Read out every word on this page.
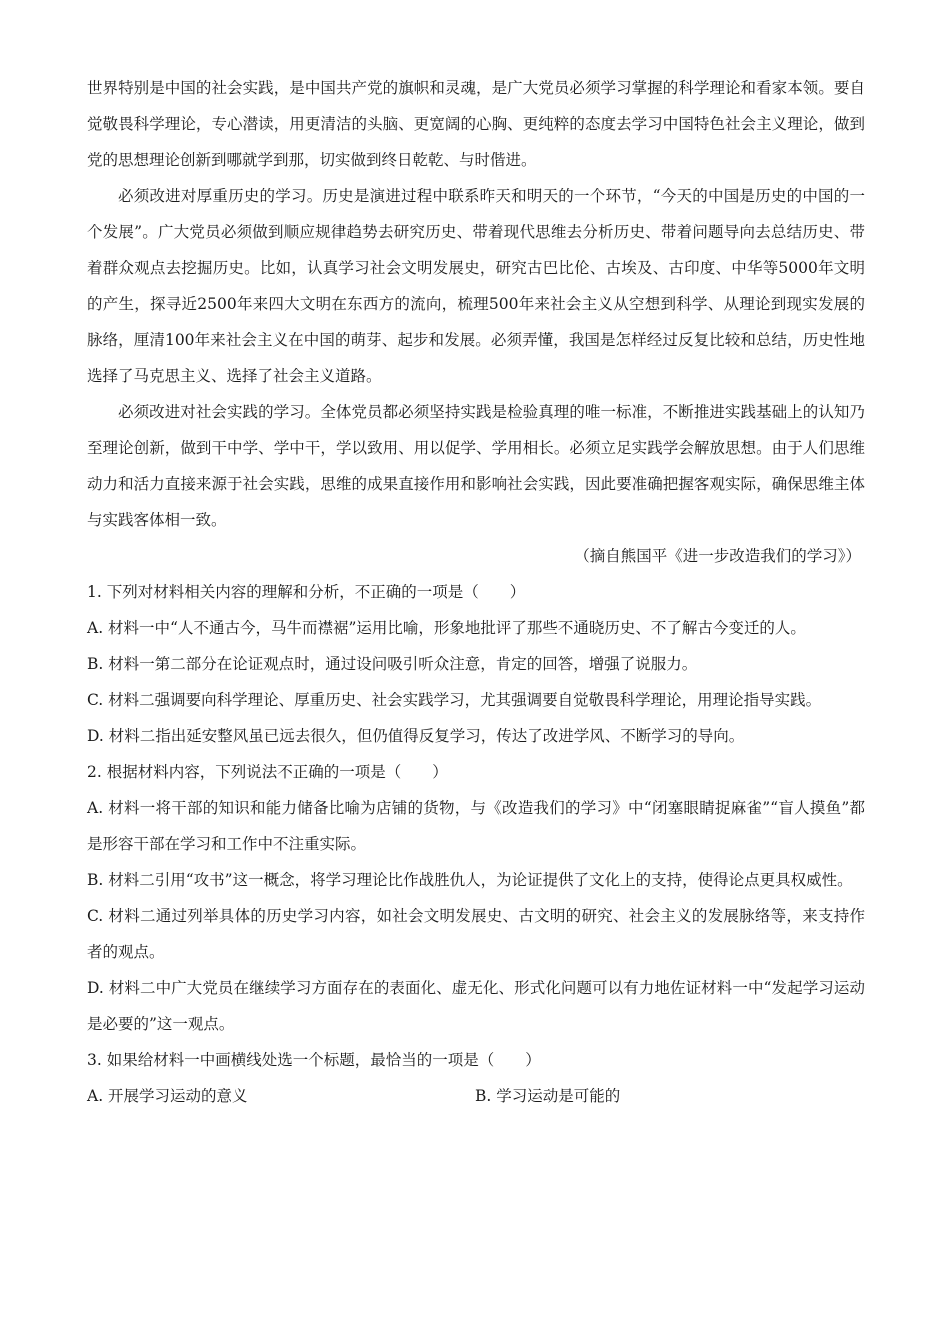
世界特别是中国的社会实践，是中国共产党的旗帜和灵魂，是广大党员必须学习掌握的科学理论和看家本领。要自觉敬畏科学理论，专心潜读，用更清洁的头脑、更宽阔的心胸、更纯粹的态度去学习中国特色社会主义理论，做到党的思想理论创新到哪就学到那，切实做到终日乾乾、与时偕进。

必须改进对厚重历史的学习。历史是演进过程中联系昨天和明天的一个环节，“今天的中国是历史的中国的一个发展”。广大党员必须做到顺应规律趋势去研究历史、带着现代思维去分析历史、带着问题导向去总结历史、带着群众观点去挖掘历史。比如，认真学习社会文明发展史，研究古巴比伦、古埃及、古印度、中华等5000年文明的产生，探寻近2500年来四大文明在东西方的流向，梳理500年来社会主义从空想到科学、从理论到现实发展的脉络，厘清100年来社会主义在中国的萌芽、起步和发展。必须弄懂，我国是怎样经过反复比较和总结，历史性地选择了马克思主义、选择了社会主义道路。

必须改进对社会实践的学习。全体党员都必须坚持实践是检验真理的唯一标准，不断推进实践基础上的认知乃至理论创新，做到干中学、学中干，学以致用、用以促学、学用相长。必须立足实践学会解放思想。由于人们思维动力和活力直接来源于社会实践，思维的成果直接作用和影响社会实践，因此要准确把握客观实际，确保思维主体与实践客体相一致。

（摘自熊国平《进一步改造我们的学习》）

1. 下列对材料相关内容的理解和分析，不正确的一项是（　　）

A. 材料一中“人不通古今，马牛而襟裾”运用比喻，形象地批评了那些不通晓历史、不了解古今变迁的人。

B. 材料一第二部分在论证观点时，通过设问吸引听众注意，肯定的回答，增强了说服力。

C. 材料二强调要向科学理论、厚重历史、社会实践学习，尤其强调要自觉敬畏科学理论，用理论指导实践。

D. 材料二指出延安整风虽已远去很久，但仍值得反复学习，传达了改进学风、不断学习的导向。

2. 根据材料内容，下列说法不正确的一项是（　　）

A. 材料一将干部的知识和能力储备比喻为店铺的货物，与《改造我们的学习》中“闭塞眼睛捉麻雀”“盲人摸鱼”都是形容干部在学习和工作中不注重实际。

B. 材料二引用“攻书”这一概念，将学习理论比作战胜仇人，为论证提供了文化上的支持，使得论点更具权威性。

C. 材料二通过列举具体的历史学习内容，如社会文明发展史、古文明的研究、社会主义的发展脉络等，来支持作者的观点。

D. 材料二中广大党员在继续学习方面存在的表面化、虚无化、形式化问题可以有力地佐证材料一中“发起学习运动是必要的”这一观点。

3. 如果给材料一中画横线处选一个标题，最恰当的一项是（　　）

A. 开展学习运动的意义	B. 学习运动是可能的
